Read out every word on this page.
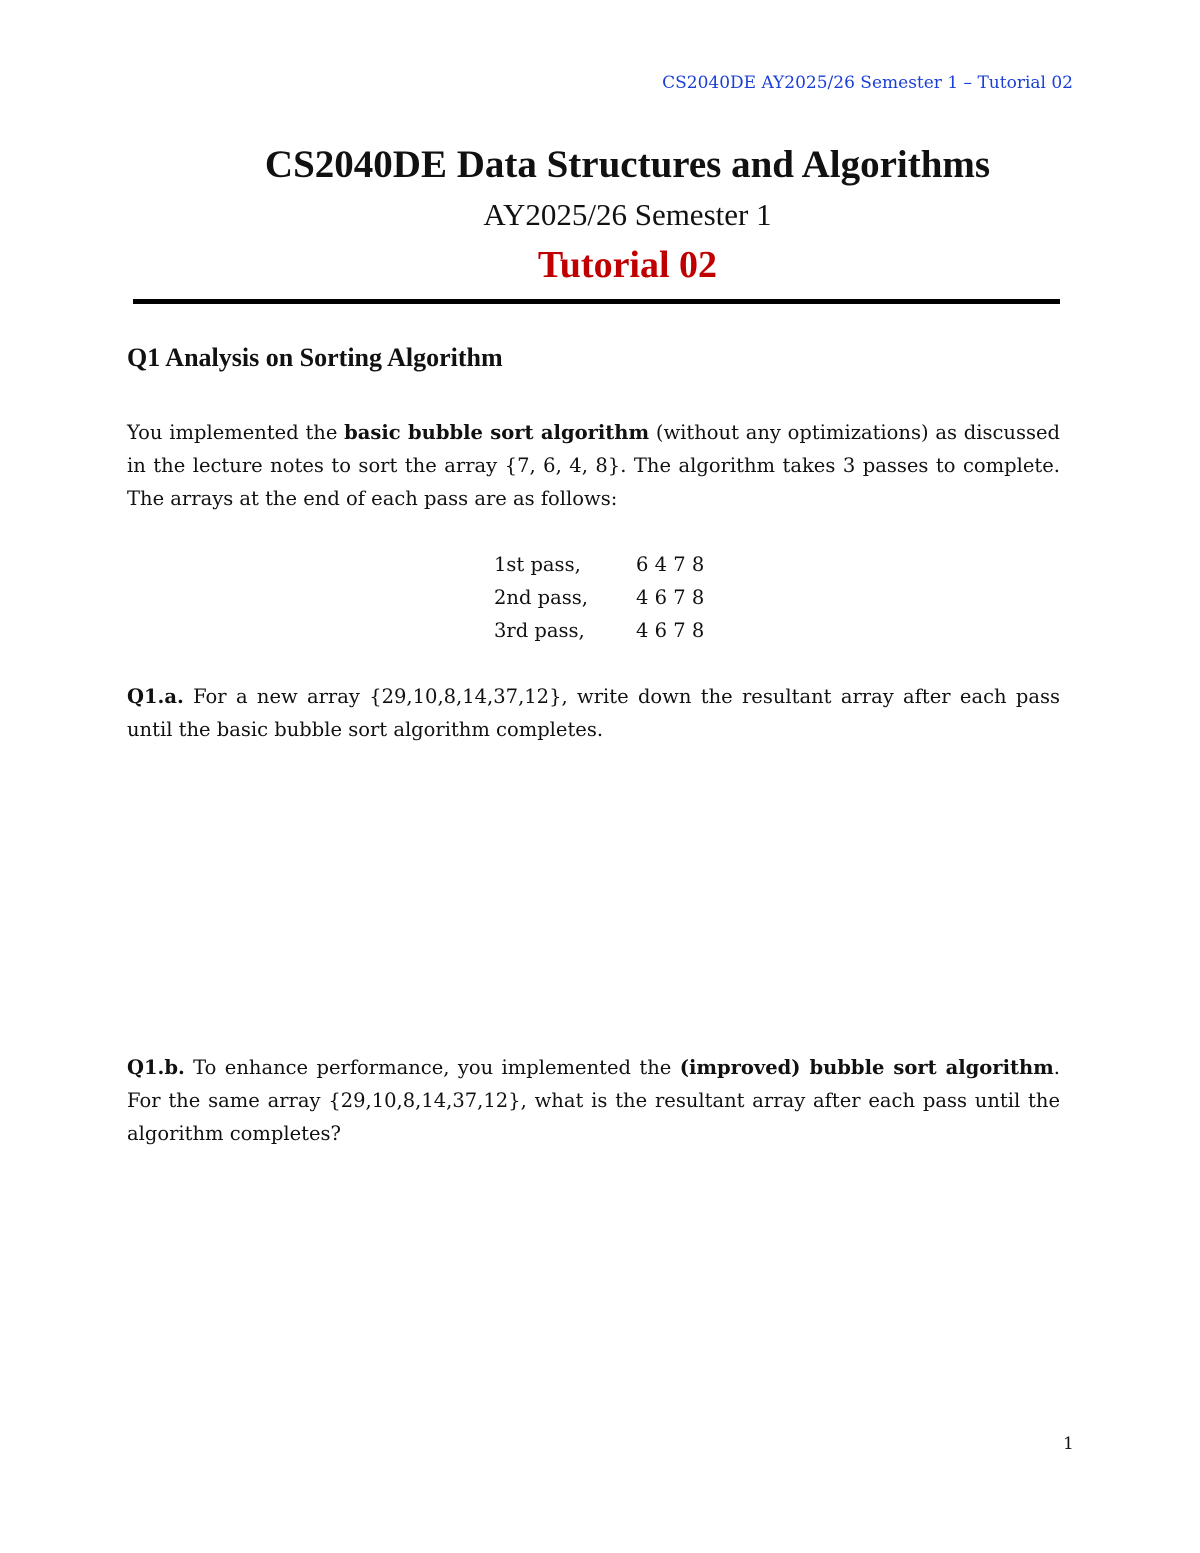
CS2040DE AY2025/26 Semester 1 – Tutorial 02
CS2040DE Data Structures and Algorithms
AY2025/26 Semester 1
Tutorial 02
Q1 Analysis on Sorting Algorithm
You implemented the basic bubble sort algorithm (without any optimizations) as discussed in the lecture notes to sort the array {7, 6, 4, 8}. The algorithm takes 3 passes to complete. The arrays at the end of each pass are as follows:
1st pass,	6 4 7 8
2nd pass, 4 6 7 8
3rd pass,	4 6 7 8
Q1.a. For a new array {29,10,8,14,37,12}, write down the resultant array after each pass until the basic bubble sort algorithm completes.
Q1.b. To enhance performance, you implemented the (improved) bubble sort algorithm. For the same array {29,10,8,14,37,12}, what is the resultant array after each pass until the algorithm completes?
1
